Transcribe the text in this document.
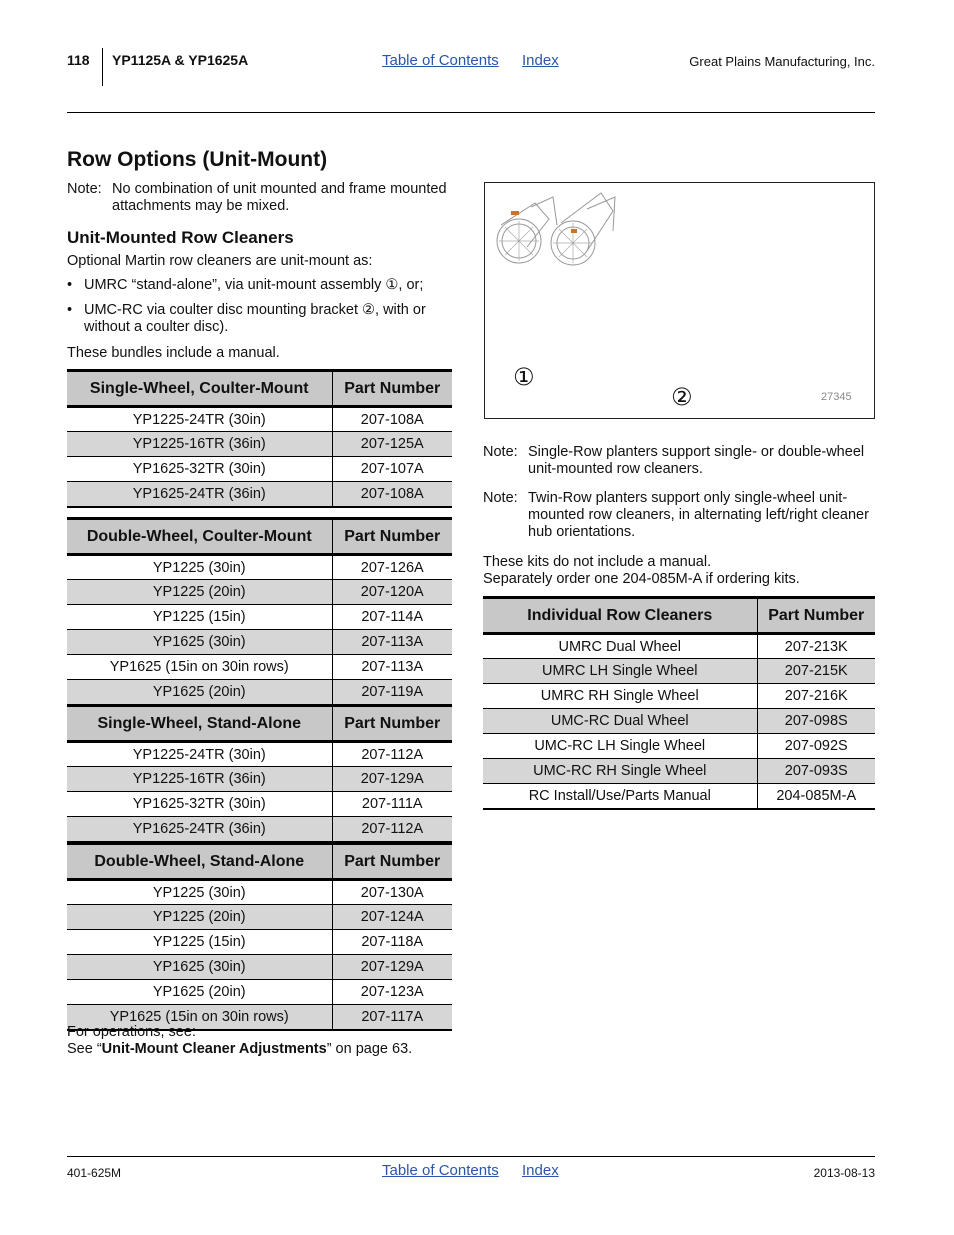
118 YP1125A & YP1625A	Table of Contents Index	Great Plains Manufacturing, Inc.
Row Options (Unit-Mount)
Note: No combination of unit mounted and frame mounted attachments may be mixed.
Unit-Mounted Row Cleaners
Optional Martin row cleaners are unit-mount as:
• UMRC “stand-alone”, via unit-mount assembly ①, or;
• UMC-RC via coulter disc mounting bracket ②, with or without a coulter disc).
These bundles include a manual.
Single-Wheel, Coulter-Mount	Part Number
YP1225-24TR (30in)	207-108A
YP1225-16TR (36in)	207-125A
YP1625-32TR (30in)	207-107A
YP1625-24TR (36in)	207-108A
Double-Wheel, Coulter-Mount	Part Number
YP1225 (30in)	207-126A
YP1225 (20in)	207-120A
YP1225 (15in)	207-114A
YP1625 (30in)	207-113A
YP1625 (15in on 30in rows)	207-113A
YP1625 (20in)	207-119A
Single-Wheel, Stand-Alone	Part Number
YP1225-24TR (30in)	207-112A
YP1225-16TR (36in)	207-129A
YP1625-32TR (30in)	207-111A
YP1625-24TR (36in)	207-112A
Double-Wheel, Stand-Alone	Part Number
YP1225 (30in)	207-130A
YP1225 (20in)	207-124A
YP1225 (15in)	207-118A
YP1625 (30in)	207-129A
YP1625 (20in)	207-123A
YP1625 (15in on 30in rows)	207-117A
For operations, see:
See “Unit-Mount Cleaner Adjustments” on page 63.
①
②	27345
Note: Single-Row planters support single- or double-wheel unit-mounted row cleaners.
Note: Twin-Row planters support only single-wheel unit-mounted row cleaners, in alternating left/right cleaner hub orientations.
These kits do not include a manual.
Separately order one 204-085M-A if ordering kits.
Individual Row Cleaners	Part Number
UMRC Dual Wheel	207-213K
UMRC LH Single Wheel	207-215K
UMRC RH Single Wheel	207-216K
UMC-RC Dual Wheel	207-098S
UMC-RC LH Single Wheel	207-092S
UMC-RC RH Single Wheel	207-093S
RC Install/Use/Parts Manual	204-085M-A
401-625M	Table of Contents Index	2013-08-13
